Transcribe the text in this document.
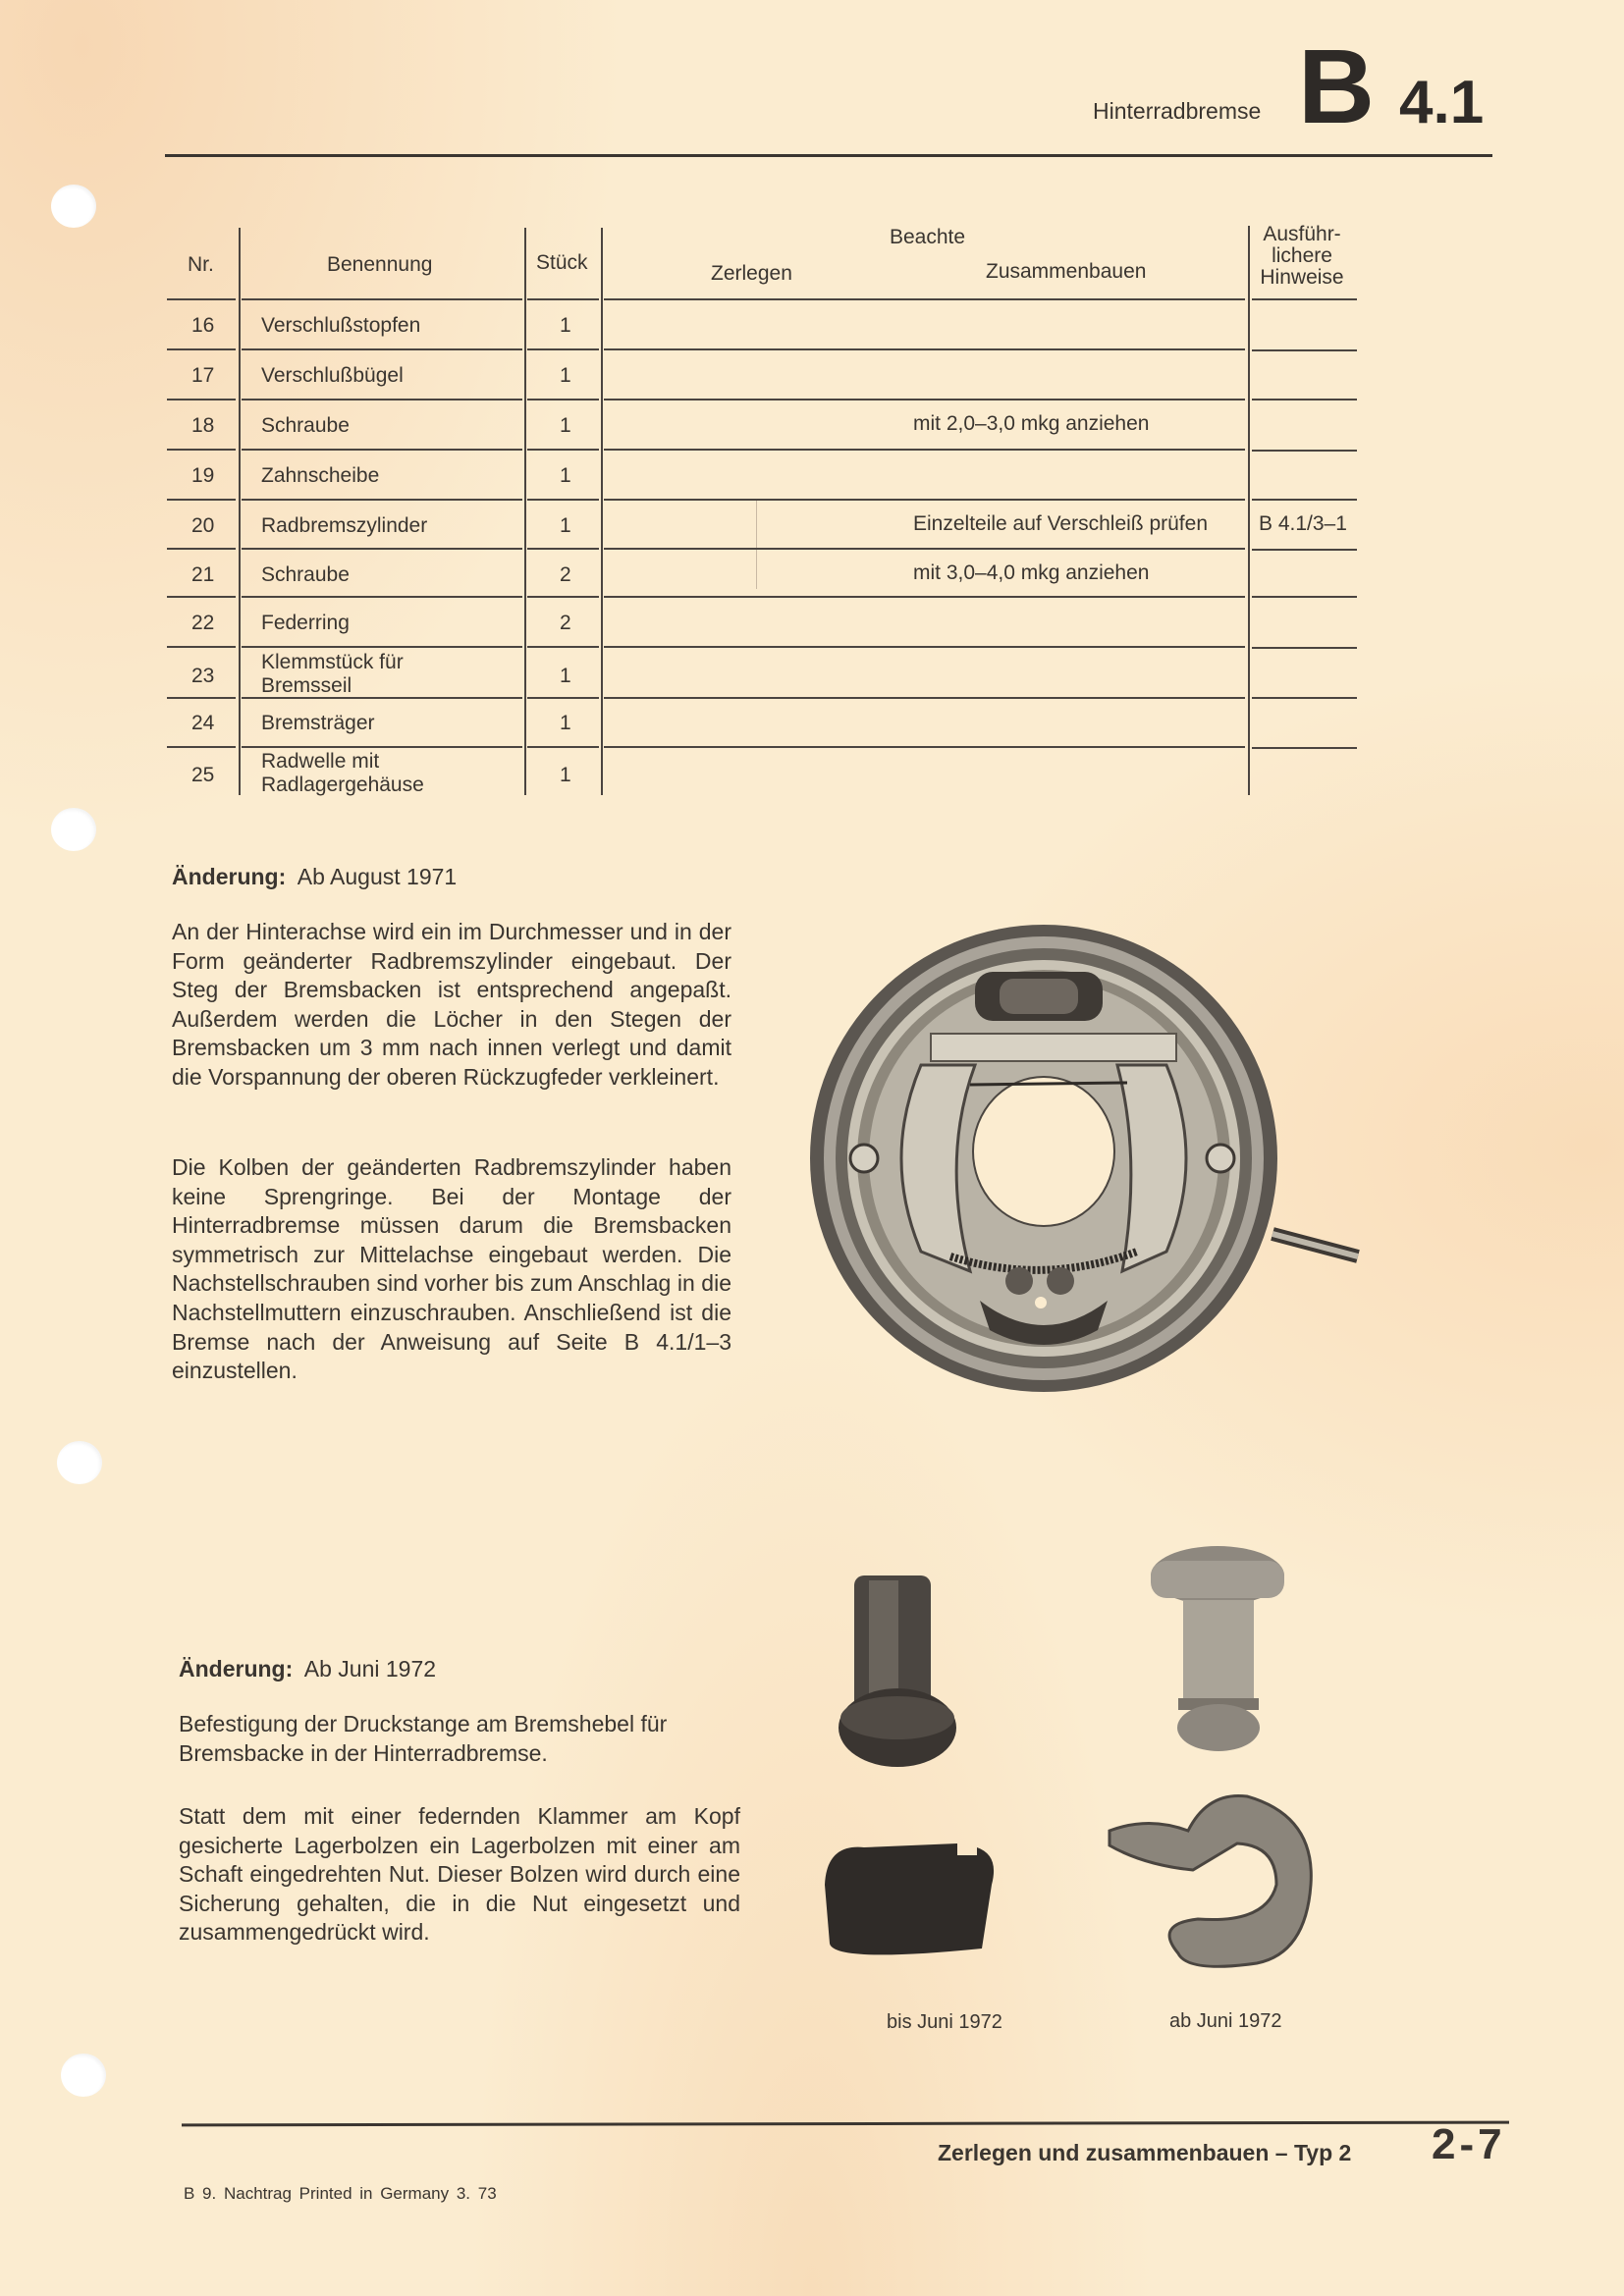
Hinterradbremse B 4.1
Nr.	Benennung	Stück
Beachte
Zerlegen	Zusammenbauen
Ausführ-
lichere
Hinweise
16 Verschlußstopfen	1
17 Verschlußbügel	1
18 Schraube	1	mit 2,0–3,0 mkg anziehen
19 Zahnscheibe	1
20 Radbremszylinder	1	Einzelteile auf Verschleiß prüfen B 4.1/3–1
21 Schraube	2	mit 3,0–4,0 mkg anziehen
22 Federring	2
23
Klemmstück für
Bremsseil	1
24 Bremsträger	1
25
Radwelle mit
Radlagergehäuse	1
Änderung: Ab August 1971

An der Hinterachse wird ein im Durchmesser und in der Form geänderter Radbremszylinder eingebaut. Der Steg der Bremsbacken ist entsprechend angepaßt. Außerdem werden die Löcher in den Stegen der Bremsbacken um 3 mm nach innen verlegt und damit die Vorspannung der oberen Rückzugfeder verkleinert.

Die Kolben der geänderten Radbremszylinder haben keine Sprengringe. Bei der Montage der Hinterradbremse müssen darum die Bremsbacken symmetrisch zur Mittelachse eingebaut werden. Die Nachstellschrauben sind vorher bis zum Anschlag in die Nachstellmuttern einzuschrauben. Anschließend ist die Bremse nach der Anweisung auf Seite B 4.1/1–3 einzustellen.

Änderung: Ab Juni 1972

Befestigung der Druckstange am Bremshebel für Bremsbacke in der Hinterradbremse.

Statt dem mit einer federnden Klammer am Kopf gesicherte Lagerbolzen ein Lagerbolzen mit einer am Schaft eingedrehten Nut. Dieser Bolzen wird durch eine Sicherung gehalten, die in die Nut eingesetzt und zusammengedrückt wird.

bis Juni 1972	ab Juni 1972
Zerlegen und zusammenbauen – Typ 2 2-7
B 9. Nachtrag Printed in Germany 3. 73
